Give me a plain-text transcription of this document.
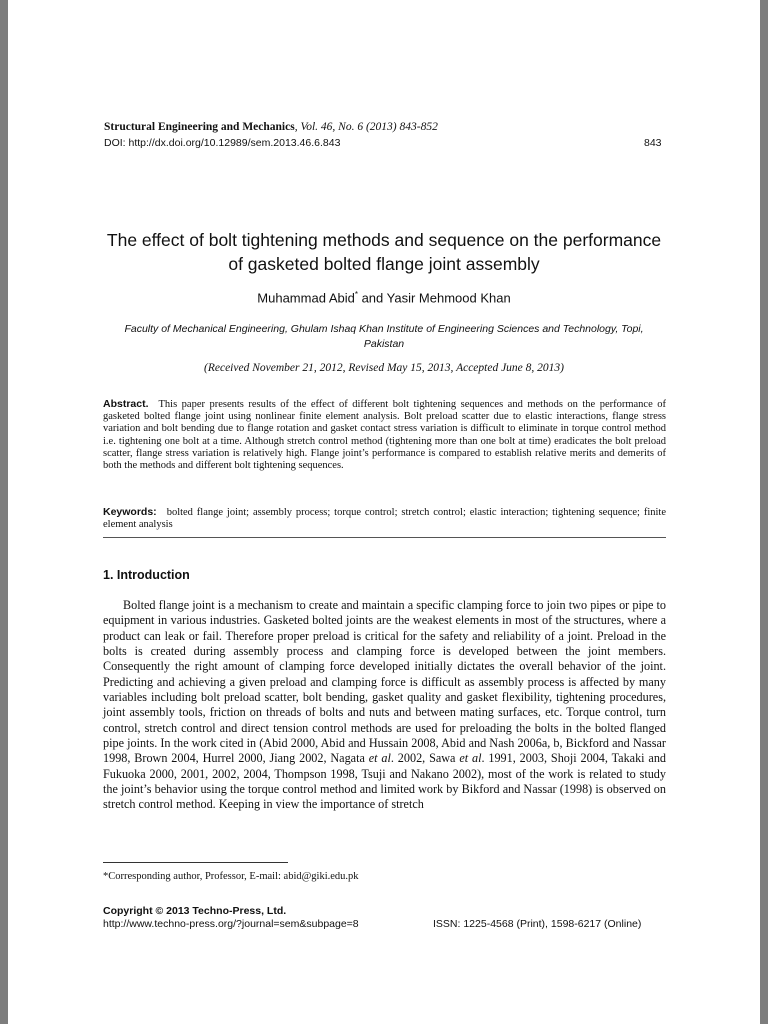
Structural Engineering and Mechanics, Vol. 46, No. 6 (2013) 843-852
DOI: http://dx.doi.org/10.12989/sem.2013.46.6.843	843
The effect of bolt tightening methods and sequence on the performance of gasketed bolted flange joint assembly
Muhammad Abid* and Yasir Mehmood Khan
Faculty of Mechanical Engineering, Ghulam Ishaq Khan Institute of Engineering Sciences and Technology, Topi, Pakistan
(Received November 21, 2012, Revised May 15, 2013, Accepted June 8, 2013)
Abstract. This paper presents results of the effect of different bolt tightening sequences and methods on the performance of gasketed bolted flange joint using nonlinear finite element analysis. Bolt preload scatter due to elastic interactions, flange stress variation and bolt bending due to flange rotation and gasket contact stress variation is difficult to eliminate in torque control method i.e. tightening one bolt at a time. Although stretch control method (tightening more than one bolt at time) eradicates the bolt preload scatter, flange stress variation is relatively high. Flange joint’s performance is compared to establish relative merits and demerits of both the methods and different bolt tightening sequences.
Keywords: bolted flange joint; assembly process; torque control; stretch control; elastic interaction; tightening sequence; finite element analysis
1. Introduction

Bolted flange joint is a mechanism to create and maintain a specific clamping force to join two pipes or pipe to equipment in various industries. Gasketed bolted joints are the weakest elements in most of the structures, where a product can leak or fail. Therefore proper preload is critical for the safety and reliability of a joint. Preload in the bolts is created during assembly process and clamping force is developed between the joint members. Consequently the right amount of clamping force developed initially dictates the overall behavior of the joint. Predicting and achieving a given preload and clamping force is difficult as assembly process is affected by many variables including bolt preload scatter, bolt bending, gasket quality and gasket flexibility, tightening procedures, joint assembly tools, friction on threads of bolts and nuts and between mating surfaces, etc. Torque control, turn control, stretch control and direct tension control methods are used for preloading the bolts in the bolted flanged pipe joints. In the work cited in (Abid 2000, Abid and Hussain 2008, Abid and Nash 2006a, b, Bickford and Nassar 1998, Brown 2004, Hurrel 2000, Jiang 2002, Nagata et al. 2002, Sawa et al. 1991, 2003, Shoji 2004, Takaki and Fukuoka 2000, 2001, 2002, 2004, Thompson 1998, Tsuji and Nakano 2002), most of the work is related to study the joint’s behavior using the torque control method and limited work by Bikford and Nassar (1998) is observed on stretch control method. Keeping in view the importance of stretch

*Corresponding author, Professor, E-mail: abid@giki.edu.pk
Copyright © 2013 Techno-Press, Ltd.
http://www.techno-press.org/?journal=sem&subpage=8	ISSN: 1225-4568 (Print), 1598-6217 (Online)
